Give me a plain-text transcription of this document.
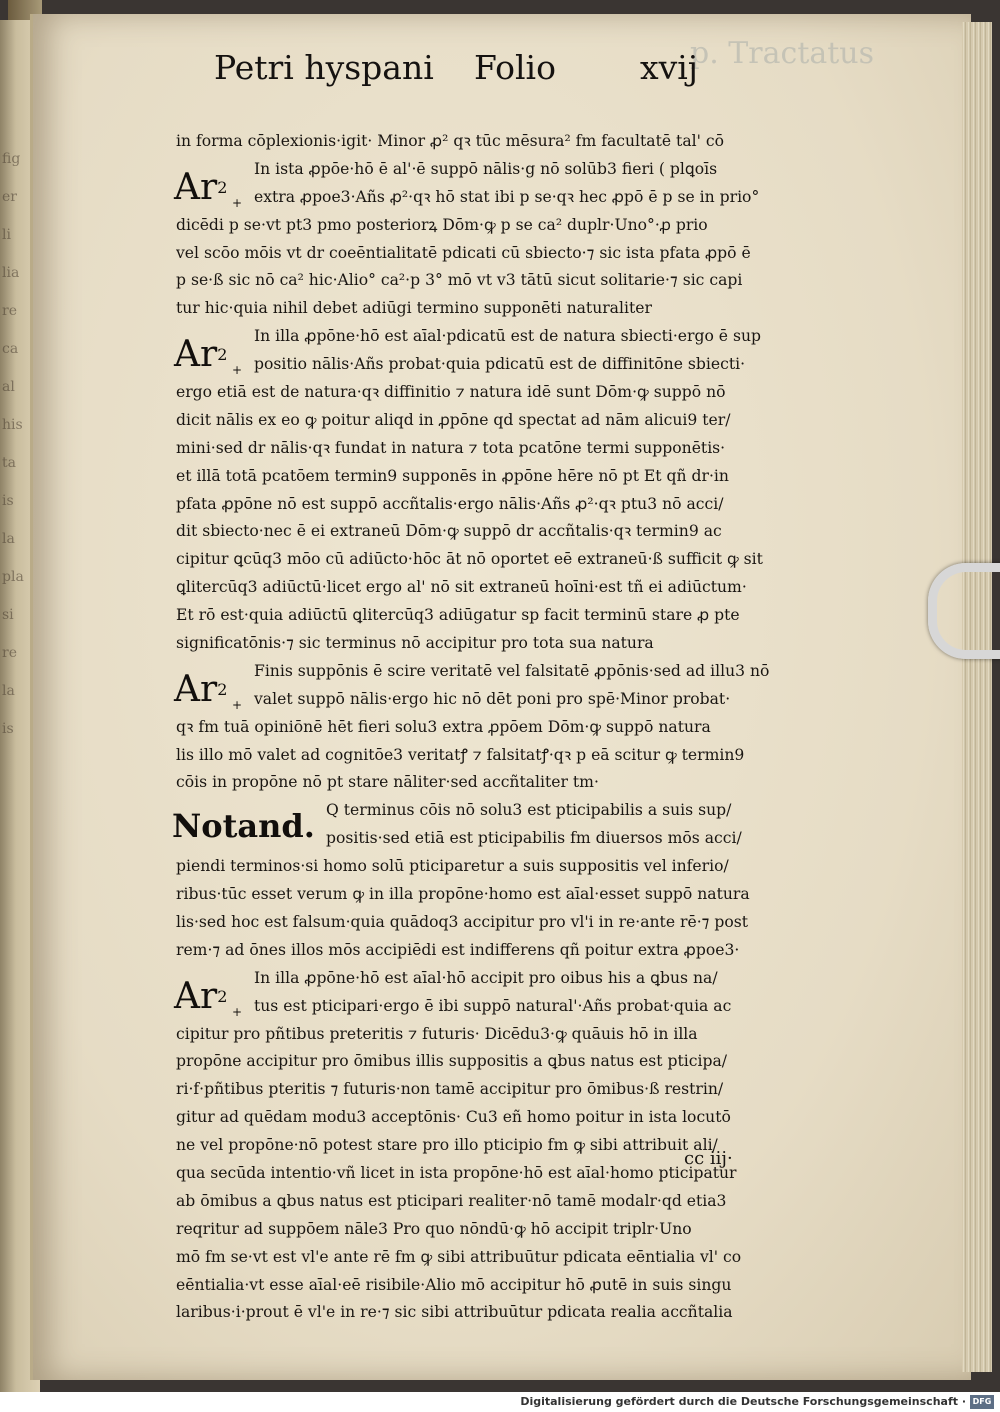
fig
er
li
lia
re
ca
al
his
ta
is
la
pla
si
re
la
is
p. Tractatus
Petri hyspani Folio	xvij
in forma cōplexionis·igit· Minor ꝓ² qꝛ tūc mēsura² fm facultatē tal' cō
$Ar^2$
+
In ista ꝓpōe·hō ē al'·ē suppō nālis·g nō solūb3 fieri ( plꝗoīs
extra ꝓpoe3·Añs ꝓ²·qꝛ hō stat ibi p se·qꝛ hec ꝓpō ē p se in prio°
dicēdi p se·vt pt3 pmo posteriorꝝ Dōm·ꝙ p se ca² duplr·Uno°·ꝓ prio
vel scōo mōis vt dr coeēntialitatē pdicati cū sbiecto·⁊ sic ista pfata ꝓpō ē
p se·ß sic nō ca² hic·Alio° ca²·p 3° mō vt v3 tātū sicut solitarie·⁊ sic capi
tur hic·quia nihil debet adiūgi termino supponēti naturaliter
$Ar^2$
+
In illa ꝓpōne·hō est aīal·pdicatū est de natura sbiecti·ergo ē sup
positio nālis·Añs probat·quia pdicatū est de diffinitōne sbiecti·
ergo etiā est de natura·qꝛ diffinitio ⁊ natura idē sunt Dōm·ꝙ suppō nō
dicit nālis ex eo ꝙ poitur aliqd in ꝓpōne qd spectat ad nām alicui9 ter/
mini·sed dr nālis·qꝛ fundat in natura ⁊ tota pcatōne termi supponētis·
et illā totā pcatōem termin9 supponēs in ꝓpōne hēre nō pt Et qñ dr·in
pfata ꝓpōne nō est suppō accñtalis·ergo nālis·Añs ꝓ²·qꝛ ptu3 nō acci/
dit sbiecto·nec ē ei extraneū Dōm·ꝙ suppō dr accñtalis·qꝛ termin9 ac
cipitur ꝗcūq3 mōo cū adiūcto·hōc āt nō oportet eē extraneū·ß sufficit ꝙ sit
ꝗlitercūq3 adiūctū·licet ergo al' nō sit extraneū hoīni·est tñ ei adiūctum·
Et rō est·quia adiūctū ꝗlitercūq3 adiūgatur sp facit terminū stare ꝓ pte
significatōnis·⁊ sic terminus nō accipitur pro tota sua natura
$Ar^2$
+
Finis suppōnis ē scire veritatē vel falsitatē ꝓpōnis·sed ad illu3 nō
valet suppō nālis·ergo hic nō dēt poni pro spē·Minor probat·
qꝛ fm tuā opiniōnē hēt fieri solu3 extra ꝓpōem Dōm·ꝙ suppō natura
lis illo mō valet ad cognitōe3 veritatꝭ ⁊ falsitatꝭ·qꝛ p eā scitur ꝙ termin9
cōis in propōne nō pt stare nāliter·sed accñtaliter tm·
Notand. Q terminus cōis nō solu3 est pticipabilis a suis sup/
positis·sed etiā est pticipabilis fm diuersos mōs acci/
piendi terminos·si homo solū pticiparetur a suis suppositis vel inferio/
ribus·tūc esset verum ꝙ in illa propōne·homo est aīal·esset suppō natura
lis·sed hoc est falsum·quia quādoq3 accipitur pro vl'i in re·ante rē·⁊ post
rem·⁊ ad ōnes illos mōs accipiēdi est indifferens qñ poitur extra ꝓpoe3·
$Ar^2$
+
In illa ꝓpōne·hō est aīal·hō accipit pro oibus his a ꝗbus na/
tus est pticipari·ergo ē ibi suppō natural'·Añs probat·quia ac
cipitur pro pñtibus preteritis ⁊ futuris· Dicēdu3·ꝙ quāuis hō in illa
propōne accipitur pro ōmibus illis suppositis a ꝗbus natus est pticipa/
ri·f·pñtibus pteritis ⁊ futuris·non tamē accipitur pro ōmibus·ß restrin/
gitur ad quēdam modu3 acceptōnis· Cu3 eñ homo poitur in ista locutō
ne vel propōne·nō potest stare pro illo pticipio fm ꝙ sibi attribuit ali/
qua secūda intentio·vñ licet in ista propōne·hō est aīal·homo pticipatur
ab ōmibus a ꝗbus natus est pticipari realiter·nō tamē modalr·qd etia3
reqritur ad suppōem nāle3 Pro quo nōndū·ꝙ hō accipit triplr·Uno
mō fm se·vt est vl'e ante rē fm ꝙ sibi attribuūtur pdicata eēntialia vl' co
eēntialia·vt esse aīal·eē risibile·Alio mō accipitur hō ꝓutē in suis singu
laribus·i·prout ē vl'e in re·⁊ sic sibi attribuūtur pdicata realia accñtalia
cc iij·
Digitalisierung gefördert durch die Deutsche Forschungsgemeinschaft · DFG
